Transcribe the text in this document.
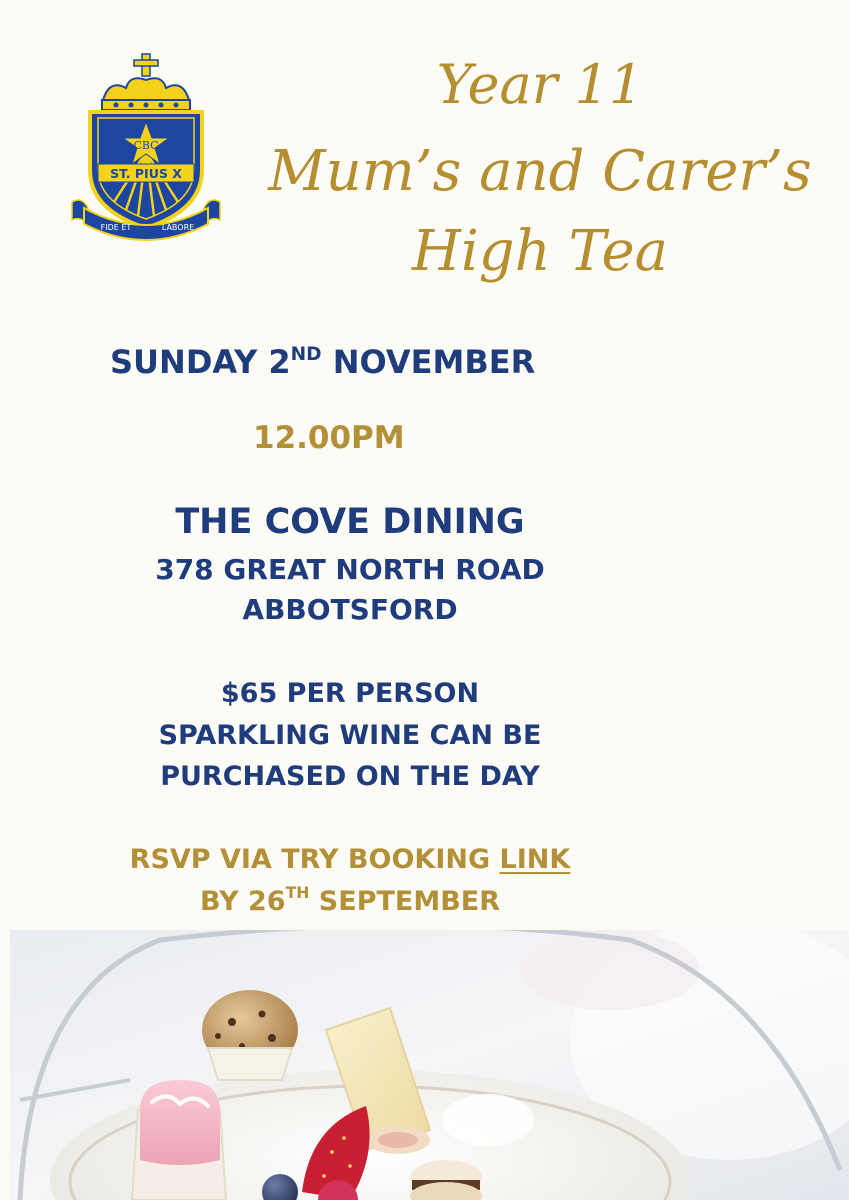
CBC
ST. PIUS X
FIDE ET	LABORE
Year 11
Mum’s and Carer’s
High Tea

SUNDAY 2ND NOVEMBER

12.00PM

THE COVE DINING

378 GREAT NORTH ROAD

ABBOTSFORD

$65 PER PERSON

SPARKLING WINE CAN BE

PURCHASED ON THE DAY

RSVP VIA TRY BOOKING LINK

BY 26TH SEPTEMBER
